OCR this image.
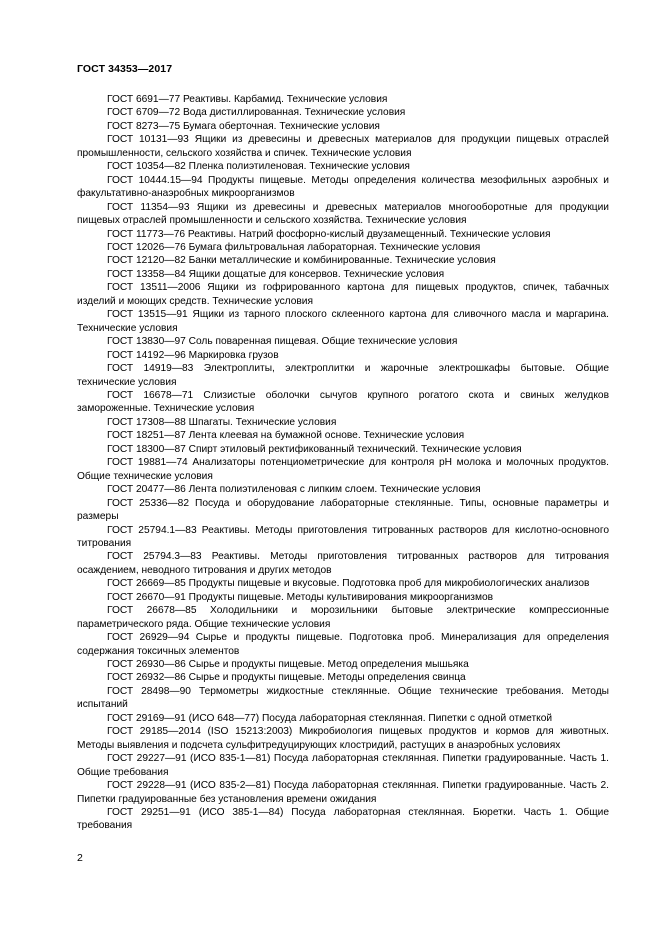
ГОСТ 34353—2017

ГОСТ 6691—77 Реактивы. Карбамид. Технические условия

ГОСТ 6709—72 Вода дистиллированная. Технические условия

ГОСТ 8273—75 Бумага оберточная. Технические условия

ГОСТ 10131—93 Ящики из древесины и древесных материалов для продукции пищевых отраслей промышленности, сельского хозяйства и спичек. Технические условия

ГОСТ 10354—82 Пленка полиэтиленовая. Технические условия

ГОСТ 10444.15—94 Продукты пищевые. Методы определения количества мезофильных аэробных и факультативно-анаэробных микроорганизмов

ГОСТ 11354—93 Ящики из древесины и древесных материалов многооборотные для продукции пищевых отраслей промышленности и сельского хозяйства. Технические условия

ГОСТ 11773—76 Реактивы. Натрий фосфорно-кислый двузамещенный. Технические условия

ГОСТ 12026—76 Бумага фильтровальная лабораторная. Технические условия

ГОСТ 12120—82 Банки металлические и комбинированные. Технические условия

ГОСТ 13358—84 Ящики дощатые для консервов. Технические условия

ГОСТ 13511—2006 Ящики из гофрированного картона для пищевых продуктов, спичек, табачных изделий и моющих средств. Технические условия

ГОСТ 13515—91 Ящики из тарного плоского склеенного картона для сливочного масла и маргарина. Технические условия

ГОСТ 13830—97 Соль поваренная пищевая. Общие технические условия

ГОСТ 14192—96 Маркировка грузов

ГОСТ 14919—83 Электроплиты, электроплитки и жарочные электрошкафы бытовые. Общие технические условия

ГОСТ 16678—71 Слизистые оболочки сычугов крупного рогатого скота и свиных желудков замороженные. Технические условия

ГОСТ 17308—88 Шпагаты. Технические условия

ГОСТ 18251—87 Лента клеевая на бумажной основе. Технические условия

ГОСТ 18300—87 Спирт этиловый ректификованный технический. Технические условия

ГОСТ 19881—74 Анализаторы потенциометрические для контроля рН молока и молочных продуктов. Общие технические условия

ГОСТ 20477—86 Лента полиэтиленовая с липким слоем. Технические условия

ГОСТ 25336—82 Посуда и оборудование лабораторные стеклянные. Типы, основные параметры и размеры

ГОСТ 25794.1—83 Реактивы. Методы приготовления титрованных растворов для кислотно-основного титрования

ГОСТ 25794.3—83 Реактивы. Методы приготовления титрованных растворов для титрования осаждением, неводного титрования и других методов

ГОСТ 26669—85 Продукты пищевые и вкусовые. Подготовка проб для микробиологических анализов

ГОСТ 26670—91 Продукты пищевые. Методы культивирования микроорганизмов

ГОСТ 26678—85 Холодильники и морозильники бытовые электрические компрессионные параметрического ряда. Общие технические условия

ГОСТ 26929—94 Сырье и продукты пищевые. Подготовка проб. Минерализация для определения содержания токсичных элементов

ГОСТ 26930—86 Сырье и продукты пищевые. Метод определения мышьяка

ГОСТ 26932—86 Сырье и продукты пищевые. Методы определения свинца

ГОСТ 28498—90 Термометры жидкостные стеклянные. Общие технические требования. Методы испытаний

ГОСТ 29169—91 (ИСО 648—77) Посуда лабораторная стеклянная. Пипетки с одной отметкой

ГОСТ 29185—2014 (ISO 15213:2003) Микробиология пищевых продуктов и кормов для животных. Методы выявления и подсчета сульфитредуцирующих клостридий, растущих в анаэробных условиях

ГОСТ 29227—91 (ИСО 835-1—81) Посуда лабораторная стеклянная. Пипетки градуированные. Часть 1. Общие требования

ГОСТ 29228—91 (ИСО 835-2—81) Посуда лабораторная стеклянная. Пипетки градуированные. Часть 2. Пипетки градуированные без установления времени ожидания

ГОСТ 29251—91 (ИСО 385-1—84) Посуда лабораторная стеклянная. Бюретки. Часть 1. Общие требования

2
